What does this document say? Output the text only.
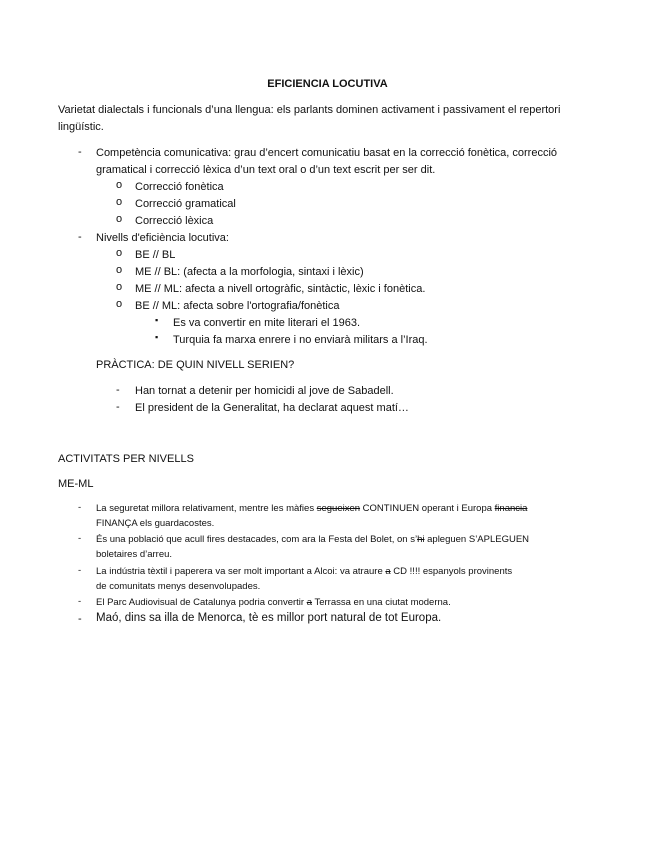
EFICIENCIA LOCUTIVA
Varietat dialectals i funcionals d’una llengua: els parlants dominen activament i passivament el repertori
lingüístic.
- Competència comunicativa: grau d’encert comunicatiu basat en la correcció fonètica, correcció
gramatical i correcció lèxica d’un text oral o d’un text escrit per ser dit.
o Correcció fonètica
o Correcció gramatical
o Correcció lèxica
- Nivells d'eficiència locutiva:
o BE // BL
o ME // BL: (afecta a la morfologia, sintaxi i lèxic)
o ME // ML: afecta a nivell ortogràfic, sintàctic, lèxic i fonètica.
o BE // ML: afecta sobre l'ortografia/fonètica
▪ Es va convertir en mite literari el 1963.
▪ Turquia fa marxa enrere i no enviarà militars a l’Iraq.
PRÀCTICA: DE QUIN NIVELL SERIEN?
- Han tornat a detenir per homicidi al jove de Sabadell.
- El president de la Generalitat, ha declarat aquest matí…
ACTIVITATS PER NIVELLS
ME-ML
- La seguretat millora relativament, mentre les màfies segueixen CONTINUEN operant i Europa financia
FINANÇA els guardacostes.
- És una població que acull fires destacades, com ara la Festa del Bolet, on s’hi apleguen S’APLEGUEN
boletaires d’arreu.
- La indústria tèxtil i paperera va ser molt important a Alcoi: va atraure a CD !!!! espanyols provinents
de comunitats menys desenvolupades.
- El Parc Audiovisual de Catalunya podria convertir a Terrassa en una ciutat moderna.
- Maó, dins sa illa de Menorca, tè es millor port natural de tot Europa.
